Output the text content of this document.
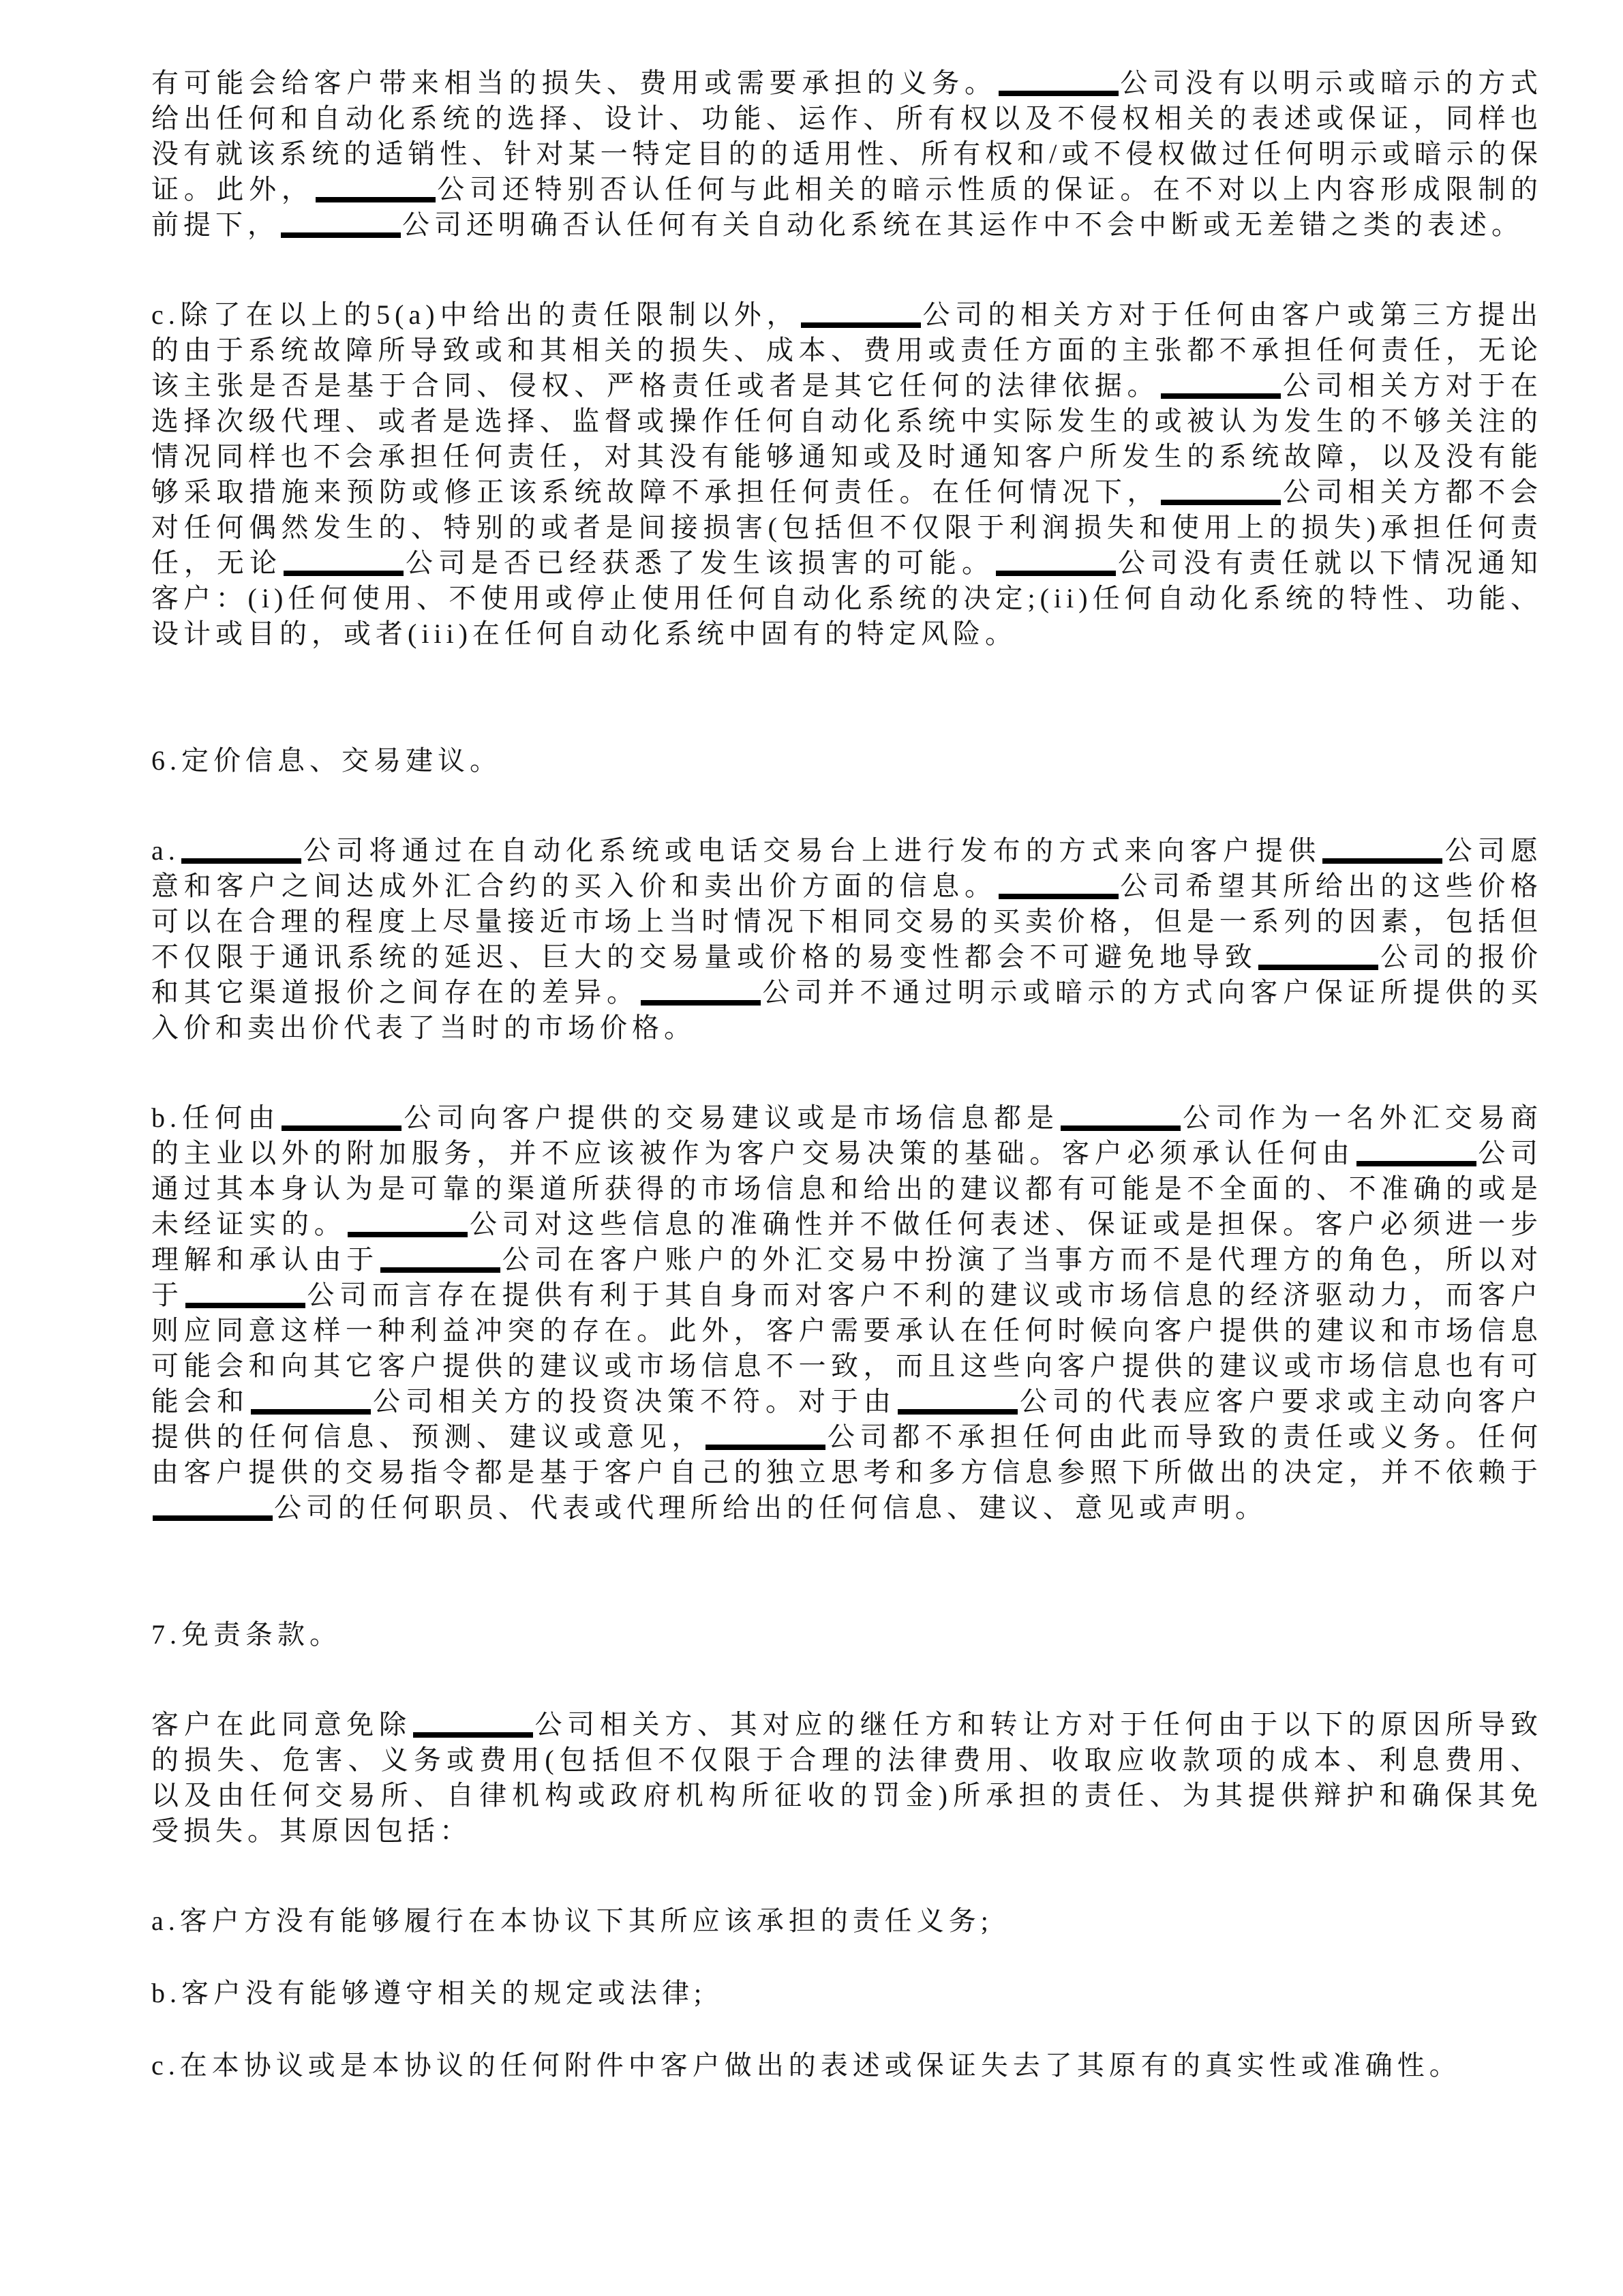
有可能会给客户带来相当的损失、费用或需要承担的义务。	公司没有以明示或暗示的方式给出任何和自动化系统的选择、设计、功能、运作、所有权以及不侵权相关的表述或保证，同样也没有就该系统的适销性、针对某一特定目的的适用性、所有权和/或不侵权做过任何明示或暗示的保证。此外，	公司还特别否认任何与此相关的暗示性质的保证。在不对以上内容形成限制的前提下，	公司还明确否认任何有关自动化系统在其运作中不会中断或无差错之类的表述。
c.除了在以上的5(a)中给出的责任限制以外，	公司的相关方对于任何由客户或第三方提出的由于系统故障所导致或和其相关的损失、成本、费用或责任方面的主张都不承担任何责任，无论该主张是否是基于合同、侵权、严格责任或者是其它任何的法律依据。	公司相关方对于在选择次级代理、或者是选择、监督或操作任何自动化系统中实际发生的或被认为发生的不够关注的情况同样也不会承担任何责任，对其没有能够通知或及时通知客户所发生的系统故障，以及没有能够采取措施来预防或修正该系统故障不承担任何责任。在任何情况下，	公司相关方都不会对任何偶然发生的、特别的或者是间接损害(包括但不仅限于利润损失和使用上的损失)承担任何责任，无论	公司是否已经获悉了发生该损害的可能。	公司没有责任就以下情况通知客户：(i)任何使用、不使用或停止使用任何自动化系统的决定;(ii)任何自动化系统的特性、功能、设计或目的，或者(iii)在任何自动化系统中固有的特定风险。
6.定价信息、交易建议。
a.	公司将通过在自动化系统或电话交易台上进行发布的方式来向客户提供	公司愿意和客户之间达成外汇合约的买入价和卖出价方面的信息。	公司希望其所给出的这些价格可以在合理的程度上尽量接近市场上当时情况下相同交易的买卖价格，但是一系列的因素，包括但不仅限于通讯系统的延迟、巨大的交易量或价格的易变性都会不可避免地导致	公司的报价和其它渠道报价之间存在的差异。	公司并不通过明示或暗示的方式向客户保证所提供的买入价和卖出价代表了当时的市场价格。
b.任何由	公司向客户提供的交易建议或是市场信息都是	公司作为一名外汇交易商的主业以外的附加服务，并不应该被作为客户交易决策的基础。客户必须承认任何由	公司通过其本身认为是可靠的渠道所获得的市场信息和给出的建议都有可能是不全面的、不准确的或是未经证实的。	公司对这些信息的准确性并不做任何表述、保证或是担保。客户必须进一步理解和承认由于	公司在客户账户的外汇交易中扮演了当事方而不是代理方的角色，所以对于	公司而言存在提供有利于其自身而对客户不利的建议或市场信息的经济驱动力，而客户则应同意这样一种利益冲突的存在。此外，客户需要承认在任何时候向客户提供的建议和市场信息可能会和向其它客户提供的建议或市场信息不一致，而且这些向客户提供的建议或市场信息也有可能会和	公司相关方的投资决策不符。对于由	公司的代表应客户要求或主动向客户提供的任何信息、预测、建议或意见，	公司都不承担任何由此而导致的责任或义务。任何由客户提供的交易指令都是基于客户自己的独立思考和多方信息参照下所做出的决定，并不依赖于公司的任何职员、代表或代理所给出的任何信息、建议、意见或声明。
7.免责条款。
客户在此同意免除	公司相关方、其对应的继任方和转让方对于任何由于以下的原因所导致的损失、危害、义务或费用(包括但不仅限于合理的法律费用、收取应收款项的成本、利息费用、以及由任何交易所、自律机构或政府机构所征收的罚金)所承担的责任、为其提供辩护和确保其免受损失。其原因包括：
a.客户方没有能够履行在本协议下其所应该承担的责任义务;
b.客户没有能够遵守相关的规定或法律;
c.在本协议或是本协议的任何附件中客户做出的表述或保证失去了其原有的真实性或准确性。
